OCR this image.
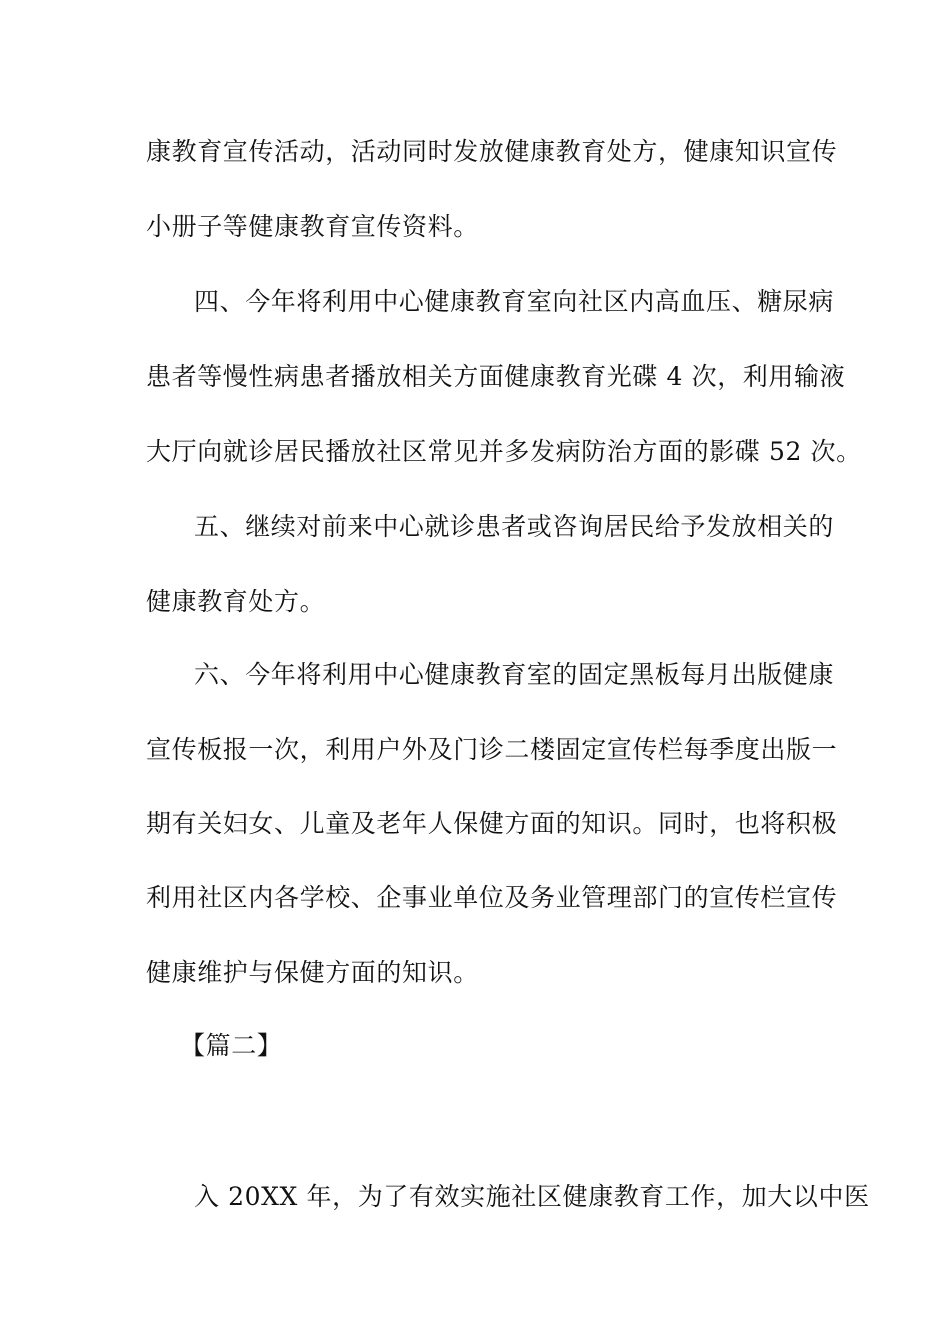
康教育宣传活动，活动同时发放健康教育处方，健康知识宣传
小册子等健康教育宣传资料。
四、今年将利用中心健康教育室向社区内高血压、糖尿病
患者等慢性病患者播放相关方面健康教育光碟 4 次，利用输液
大厅向就诊居民播放社区常见并多发病防治方面的影碟 52 次。
五、继续对前来中心就诊患者或咨询居民给予发放相关的
健康教育处方。
六、今年将利用中心健康教育室的固定黑板每月出版健康
宣传板报一次，利用户外及门诊二楼固定宣传栏每季度出版一
期有关妇女、儿童及老年人保健方面的知识。同时，也将积极
利用社区内各学校、企事业单位及务业管理部门的宣传栏宣传
健康维护与保健方面的知识。
【篇二】
入 20XX 年，为了有效实施社区健康教育工作，加大以中医
